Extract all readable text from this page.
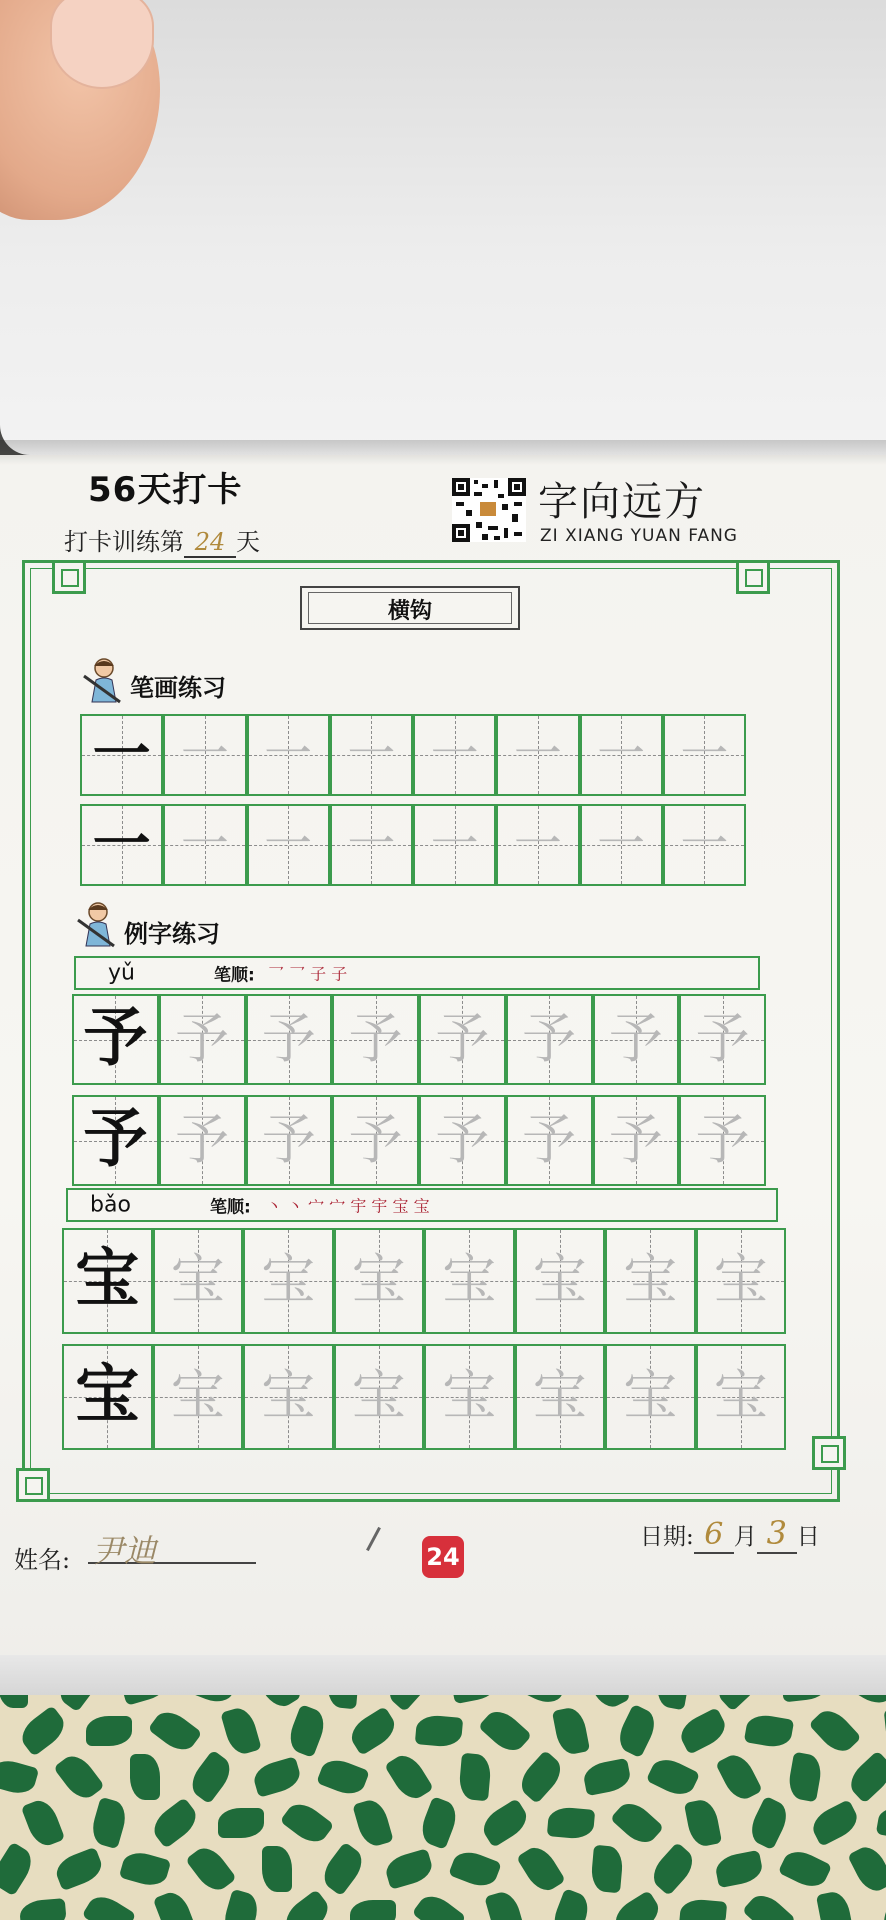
56天打卡
打卡训练第 24 天
字向远方
ZI XIANG YUAN FANG
横钩
笔画练习
一 一 一 一 一 一 一 一
一 一 一 一 一 一 一 一
例字练习
yǔ	笔顺: 乛 乛 子 子
予 予 予 予 予 予 予 予
予 予 予 予 予 予 予 予
bǎo	笔顺: 丶 丶 宀 宀 宇 宇 宝 宝
宝 宝 宝 宝 宝 宝 宝 宝
宝 宝 宝 宝 宝 宝 宝 宝
姓名: 尹迪	24
日期: 6 月 3 日
